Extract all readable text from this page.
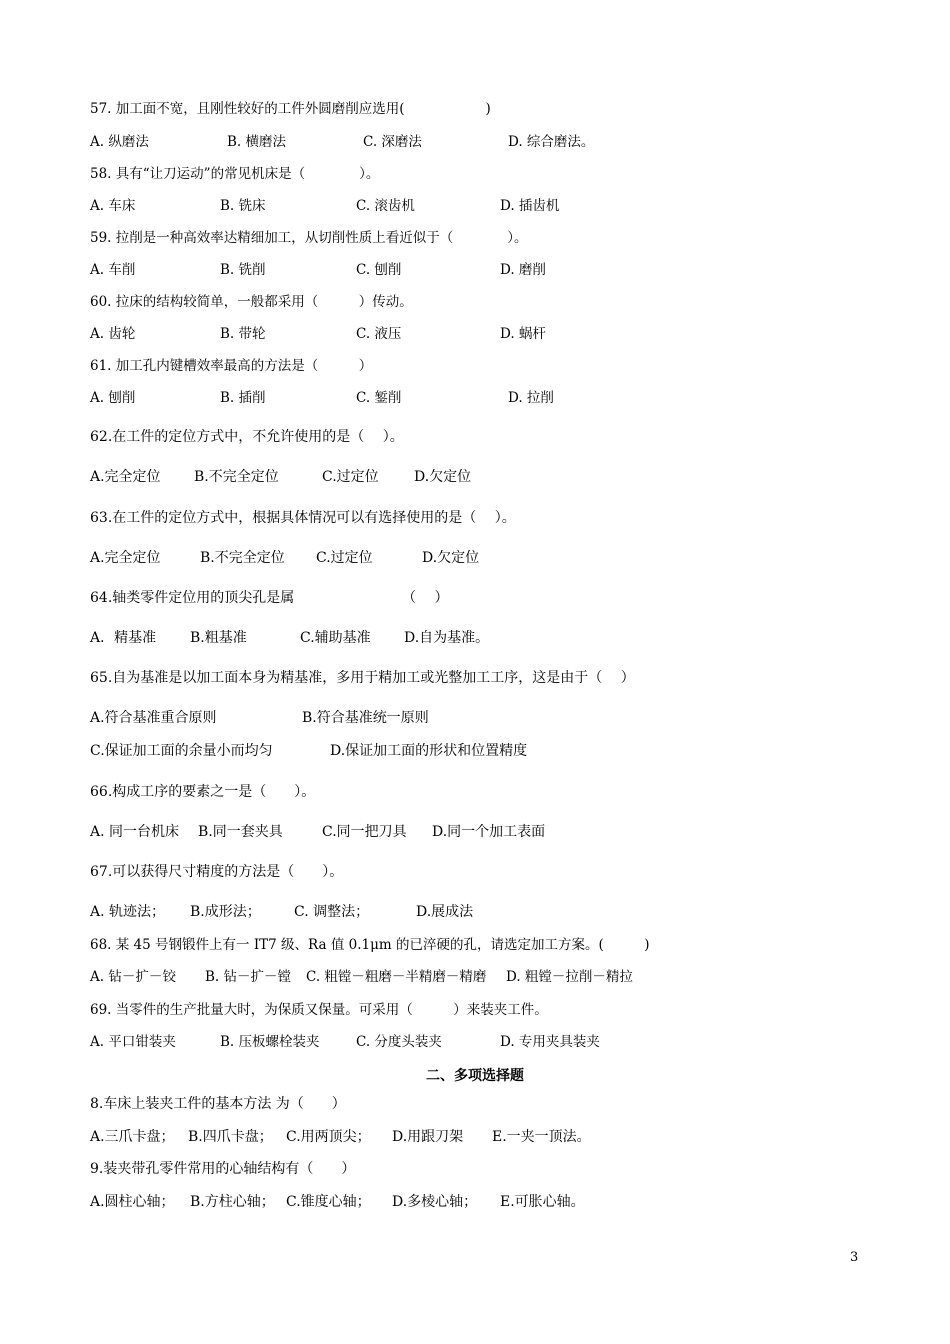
57. 加工面不宽，且刚性较好的工件外圆磨削应选用(　　　　　　)
A. 纵磨法	B. 横磨法	C. 深磨法	D. 综合磨法。
58. 具有“让刀运动”的常见机床是（　　　　）。
A. 车床	B. 铣床	C. 滚齿机	D. 插齿机
59. 拉削是一种高效率达精细加工，从切削性质上看近似于（　　　　）。
A. 车削	B. 铣削	C. 刨削	D. 磨削
60. 拉床的结构较简单，一般都采用（　　　）传动。
A. 齿轮	B. 带轮	C. 液压	D. 蜗杆
61. 加工孔内键槽效率最高的方法是（　　　）
A. 刨削	B. 插削	C. 錾削	D. 拉削
62.在工件的定位方式中，不允许使用的是（　 ）。
A.完全定位 B.不完全定位	C.过定位	D.欠定位
63.在工件的定位方式中，根据具体情况可以有选择使用的是（　 ）。
A.完全定位	B.不完全定位 C.过定位	D.欠定位
64.轴类零件定位用的顶尖孔是属	（　 ）
A．精基准 B.粗基准	C.辅助基准 D.自为基准。
65.自为基准是以加工面本身为精基准，多用于精加工或光整加工工序，这是由于（　 ）
A.符合基准重合原则	B.符合基准统一原则
C.保证加工面的余量小而均匀	D.保证加工面的形状和位置精度
66.构成工序的要素之一是（　　）。
A. 同一台机床 B.同一套夹具	C.同一把刀具 D.同一个加工表面
67.可以获得尺寸精度的方法是（　　）。
A. 轨迹法； B.成形法； C. 调整法；	D.展成法
68. 某 45 号钢锻件上有一 IT7 级、Ra 值 0.1μm 的已淬硬的孔，请选定加工方案。(　　　)
A. 钻－扩－铰 B. 钻－扩－镗 C. 粗镗－粗磨－半精磨－精磨 D. 粗镗－拉削－精拉
69. 当零件的生产批量大时，为保质又保量。可采用（　　　）来装夹工件。
A. 平口钳装夹	B. 压板螺栓装夹	C. 分度头装夹	D. 专用夹具装夹
二、多项选择题
8.车床上装夹工件的基本方法 为（　　）
A.三爪卡盘； B.四爪卡盘； C.用两顶尖； D.用跟刀架 E.一夹一顶法。
9.装夹带孔零件常用的心轴结构有（　　）
A.圆柱心轴； B.方柱心轴； C.锥度心轴； D.多棱心轴； E.可胀心轴。
3
